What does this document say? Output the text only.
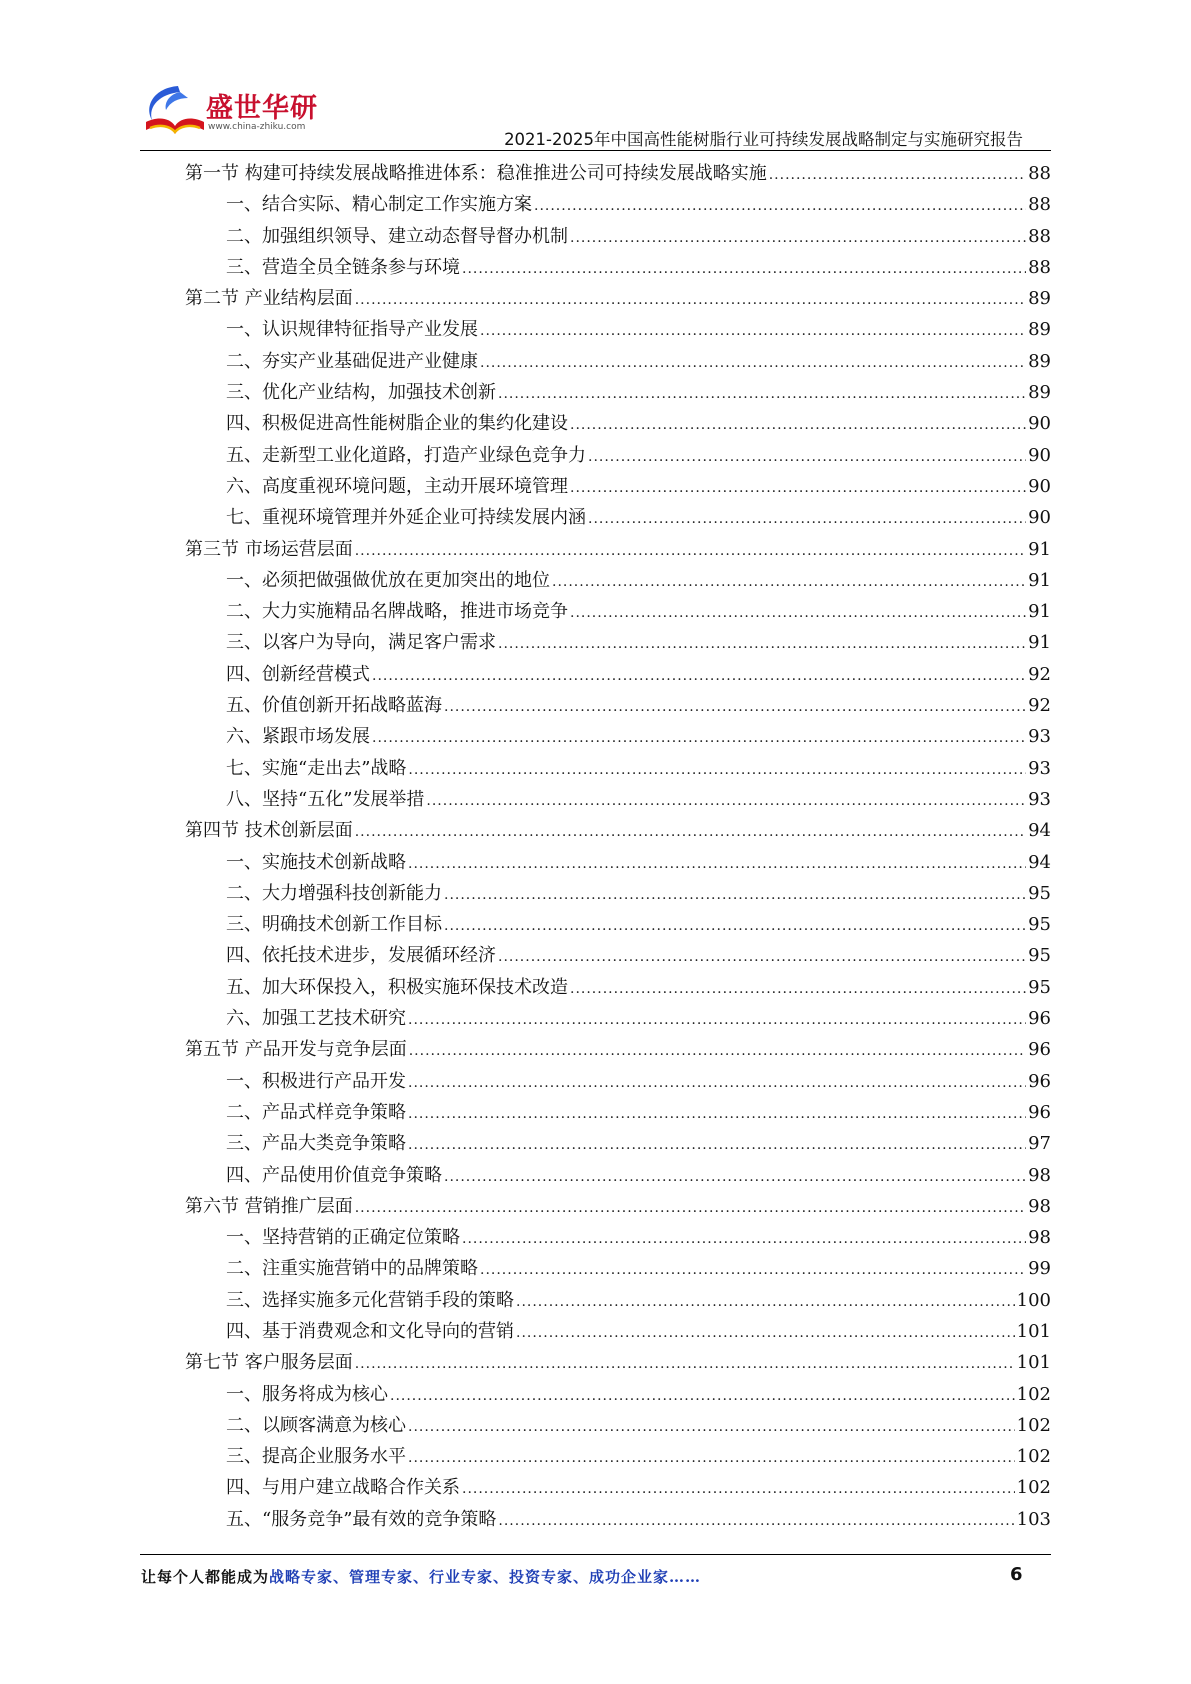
盛世华研
www.china-zhiku.com
2021-2025年中国高性能树脂行业可持续发展战略制定与实施研究报告
第一节 构建可持续发展战略推进体系：稳准推进公司可持续发展战略实施 .....	88
一、结合实际、精心制定工作实施方案 .....	88
二、加强组织领导、建立动态督导督办机制 .....	88
三、营造全员全链条参与环境 .....	88
第二节 产业结构层面 .....	89
一、认识规律特征指导产业发展 .....	89
二、夯实产业基础促进产业健康 .....	89
三、优化产业结构，加强技术创新 .....	89
四、积极促进高性能树脂企业的集约化建设 .....	90
五、走新型工业化道路，打造产业绿色竞争力 .....	90
六、高度重视环境问题，主动开展环境管理 .....	90
七、重视环境管理并外延企业可持续发展内涵 .....	90
第三节 市场运营层面 .....	91
一、必须把做强做优放在更加突出的地位 .....	91
二、大力实施精品名牌战略，推进市场竞争 .....	91
三、以客户为导向，满足客户需求 .....	91
四、创新经营模式 .....	92
五、价值创新开拓战略蓝海 .....	92
六、紧跟市场发展 .....	93
七、实施“走出去”战略 .....	93
八、坚持“五化”发展举措 .....	93
第四节 技术创新层面 .....	94
一、实施技术创新战略 .....	94
二、大力增强科技创新能力 .....	95
三、明确技术创新工作目标 .....	95
四、依托技术进步，发展循环经济 .....	95
五、加大环保投入，积极实施环保技术改造 .....	95
六、加强工艺技术研究 .....	96
第五节 产品开发与竞争层面 .....	96
一、积极进行产品开发 .....	96
二、产品式样竞争策略 .....	96
三、产品大类竞争策略 .....	97
四、产品使用价值竞争策略 .....	98
第六节 营销推广层面 .....	98
一、坚持营销的正确定位策略 .....	98
二、注重实施营销中的品牌策略 .....	99
三、选择实施多元化营销手段的策略 .....	100
四、基于消费观念和文化导向的营销 .....	101
第七节 客户服务层面 .....	101
一、服务将成为核心 .....	102
二、以顾客满意为核心 .....	102
三、提高企业服务水平 .....	102
四、与用户建立战略合作关系 .....	102
五、“服务竞争”最有效的竞争策略 .....	103
让每个人都能成为战略专家、管理专家、行业专家、投资专家、成功企业家……	6
